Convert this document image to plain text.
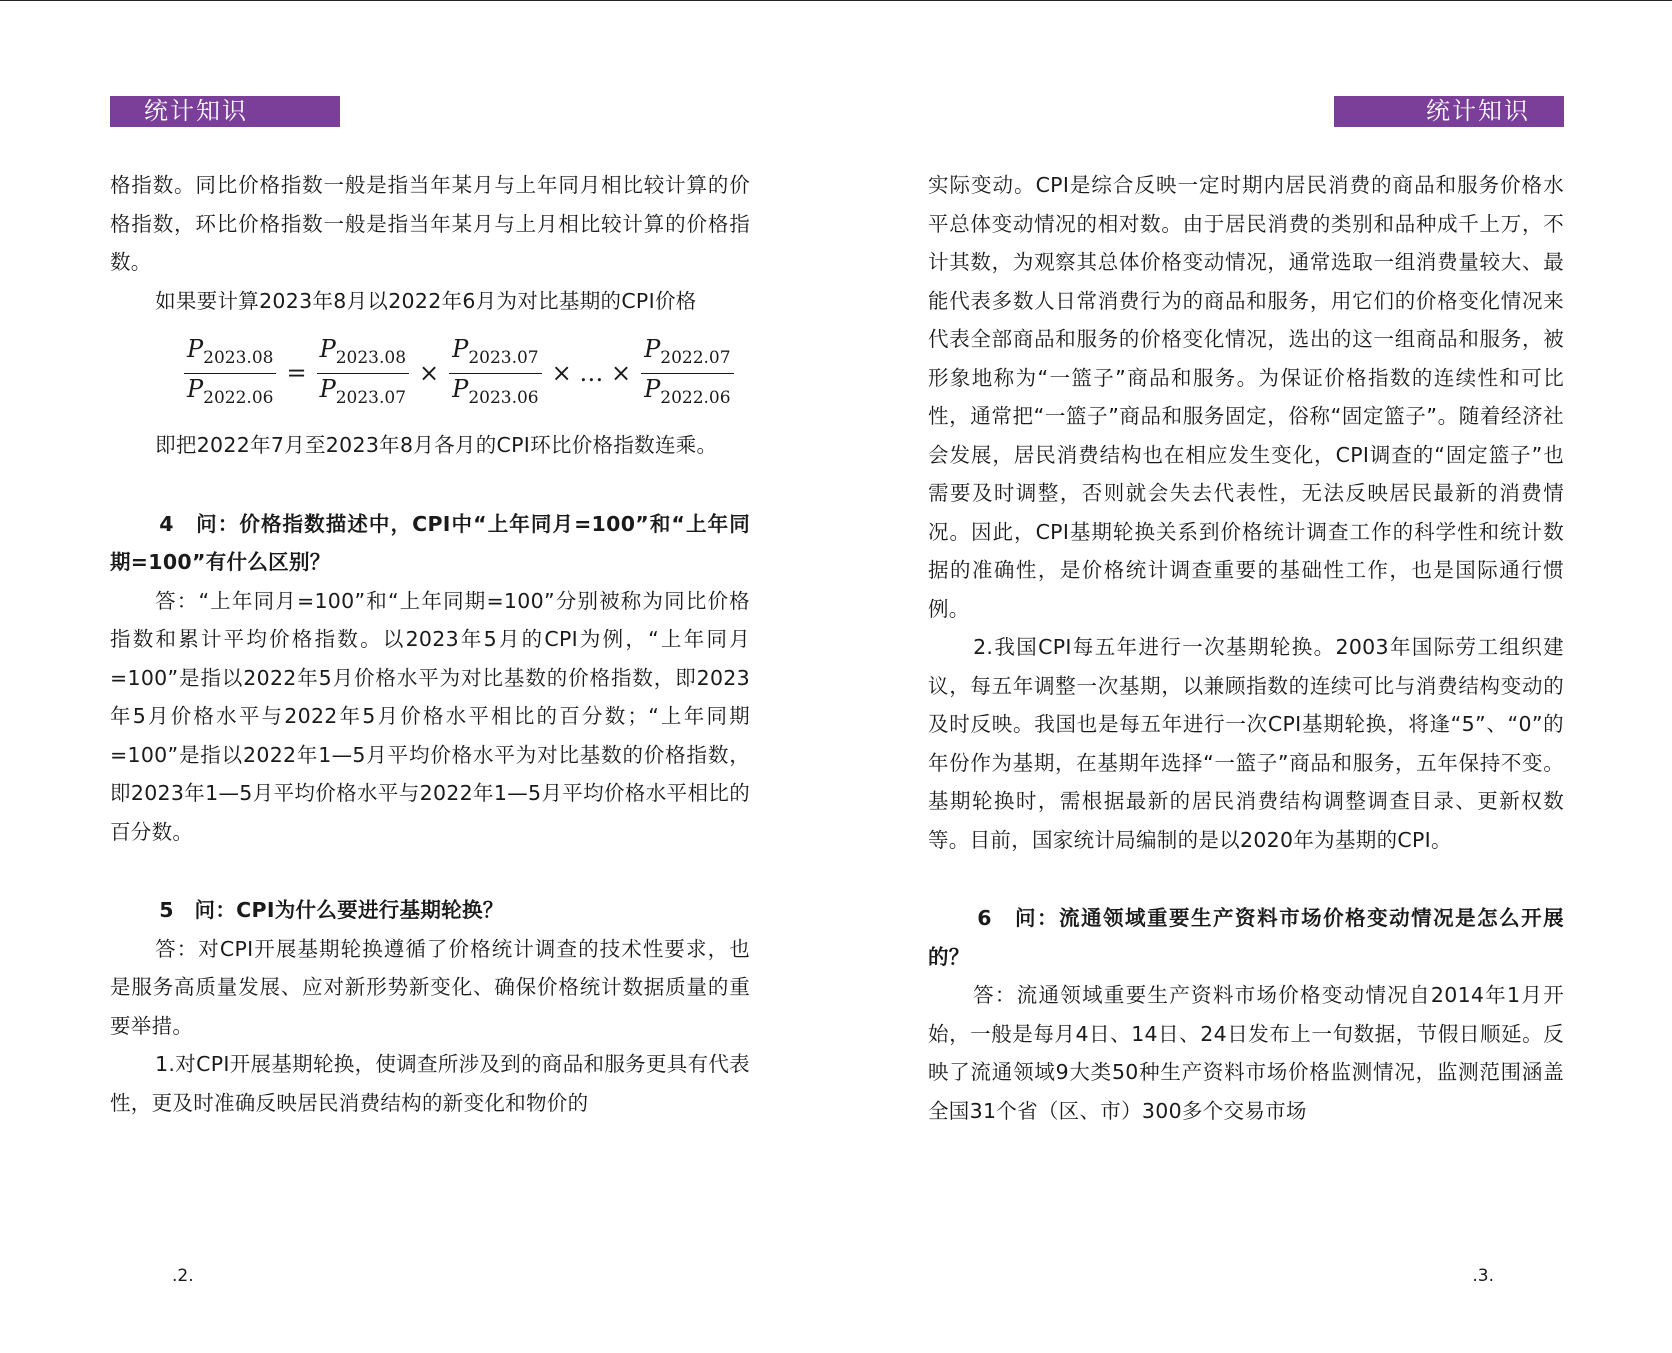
统计知识

格指数。同比价格指数一般是指当年某月与上年同月相比较计算的价格指数，环比价格指数一般是指当年某月与上月相比较计算的价格指数。

如果要计算2023年8月以2022年6月为对比基期的CPI价格

$\frac{P_{2023.08}}{P_{2022.06}} = \frac{P_{2023.08}}{P_{2023.07}} \times \frac{P_{2023.07}}{P_{2023.06}}$ × … × $\frac{P_{2022.07}}{P_{2022.06}}$

即把2022年7月至2023年8月各月的CPI环比价格指数连乘。

4　问：价格指数描述中，CPI中“上年同月=100”和“上年同期=100”有什么区别？

答：“上年同月=100”和“上年同期=100”分别被称为同比价格指数和累计平均价格指数。以2023年5月的CPI为例，“上年同月=100”是指以2022年5月价格水平为对比基数的价格指数，即2023年5月价格水平与2022年5月价格水平相比的百分数；“上年同期=100”是指以2022年1—5月平均价格水平为对比基数的价格指数，即2023年1—5月平均价格水平与2022年1—5月平均价格水平相比的百分数。

5　问：CPI为什么要进行基期轮换？

答：对CPI开展基期轮换遵循了价格统计调查的技术性要求，也是服务高质量发展、应对新形势新变化、确保价格统计数据质量的重要举措。

1.对CPI开展基期轮换，使调查所涉及到的商品和服务更具有代表性，更及时准确反映居民消费结构的新变化和物价的

.2.
统计知识

实际变动。CPI是综合反映一定时期内居民消费的商品和服务价格水平总体变动情况的相对数。由于居民消费的类别和品种成千上万，不计其数，为观察其总体价格变动情况，通常选取一组消费量较大、最能代表多数人日常消费行为的商品和服务，用它们的价格变化情况来代表全部商品和服务的价格变化情况，选出的这一组商品和服务，被形象地称为“一篮子”商品和服务。为保证价格指数的连续性和可比性，通常把“一篮子”商品和服务固定，俗称“固定篮子”。随着经济社会发展，居民消费结构也在相应发生变化，CPI调查的“固定篮子”也需要及时调整，否则就会失去代表性，无法反映居民最新的消费情况。因此，CPI基期轮换关系到价格统计调查工作的科学性和统计数据的准确性，是价格统计调查重要的基础性工作，也是国际通行惯例。

2.我国CPI每五年进行一次基期轮换。2003年国际劳工组织建议，每五年调整一次基期，以兼顾指数的连续可比与消费结构变动的及时反映。我国也是每五年进行一次CPI基期轮换，将逢“5”、“0”的年份作为基期，在基期年选择“一篮子”商品和服务，五年保持不变。基期轮换时，需根据最新的居民消费结构调整调查目录、更新权数等。目前，国家统计局编制的是以2020年为基期的CPI。

6　问：流通领域重要生产资料市场价格变动情况是怎么开展的？

答：流通领域重要生产资料市场价格变动情况自2014年1月开始，一般是每月4日、14日、24日发布上一旬数据，节假日顺延。反映了流通领域9大类50种生产资料市场价格监测情况，监测范围涵盖全国31个省（区、市）300多个交易市场

.3.
